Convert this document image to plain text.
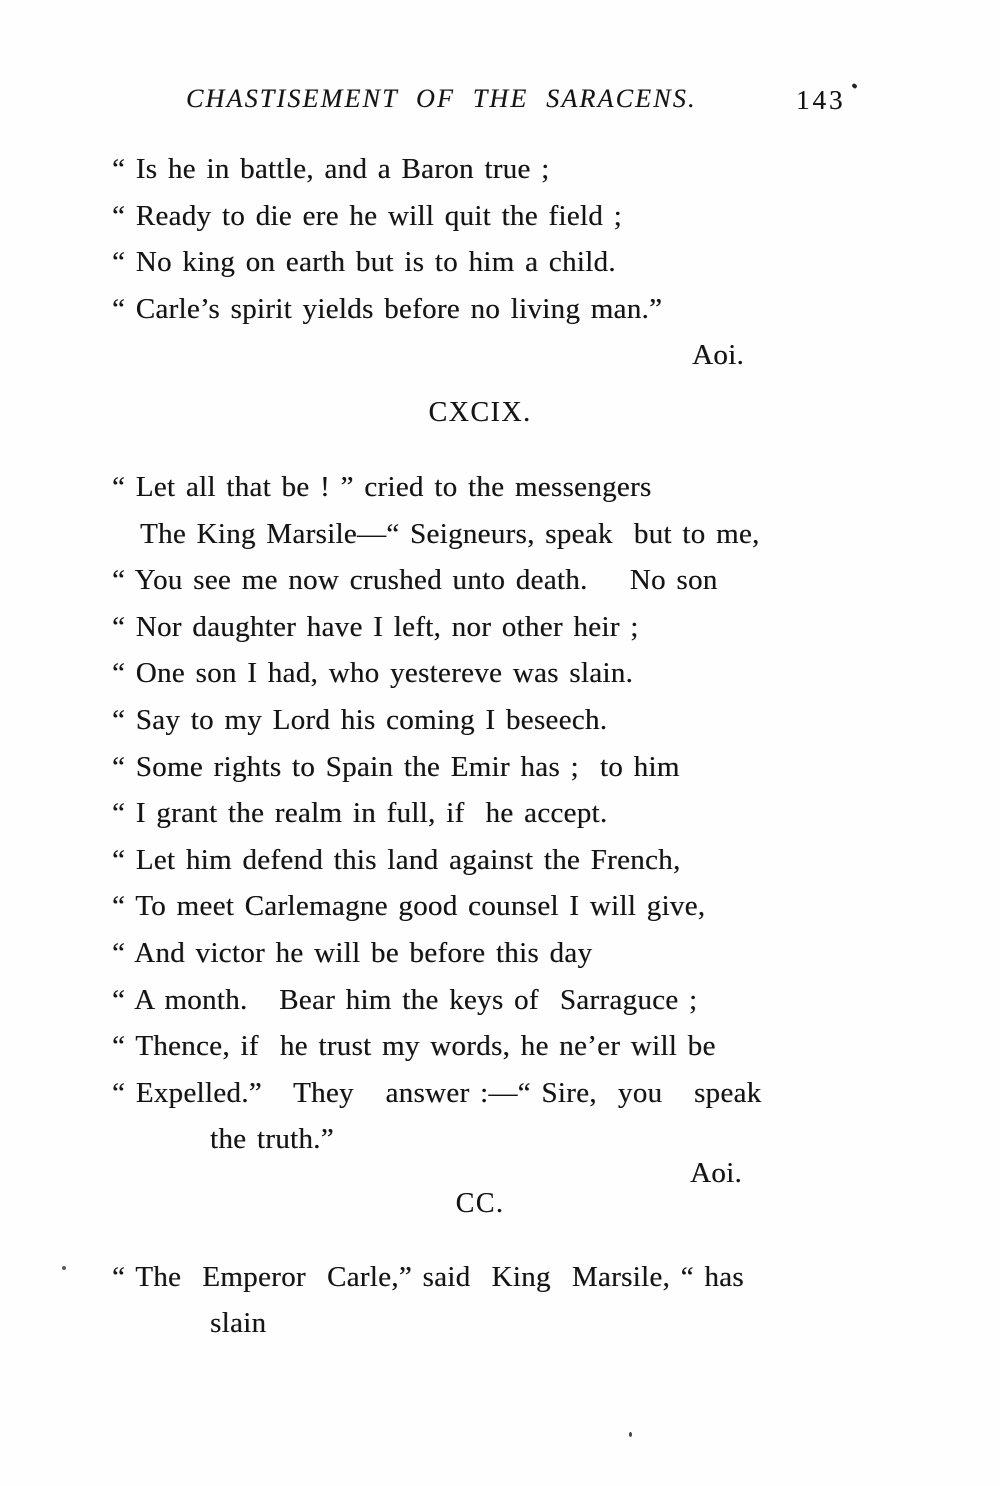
CHASTISEMENT OF THE SARACENS.	143
“ Is he in battle, and a Baron true ;
“ Ready to die ere he will quit the field ;
“ No king on earth but is to him a child.
“ Carle’s spirit yields before no living man.”
Aoi.
CXCIX.
“ Let all that be ! ” cried to the messengers
The King Marsile—“ Seigneurs, speak  but to me,
“ You see me now crushed unto death.    No son
“ Nor daughter have I left, nor other heir ;
“ One son I had, who yestereve was slain.
“ Say to my Lord his coming I beseech.
“ Some rights to Spain the Emir has ;  to him
“ I grant the realm in full, if  he accept.
“ Let him defend this land against the French,
“ To meet Carlemagne good counsel I will give,
“ And victor he will be before this day
“ A month.   Bear him the keys of  Sarraguce ;
“ Thence, if  he trust my words, he ne’er will be
“ Expelled.”   They   answer :—“ Sire,  you   speak
the truth.”
Aoi.
CC.
“ The  Emperor  Carle,” said  King  Marsile, “ has
slain
